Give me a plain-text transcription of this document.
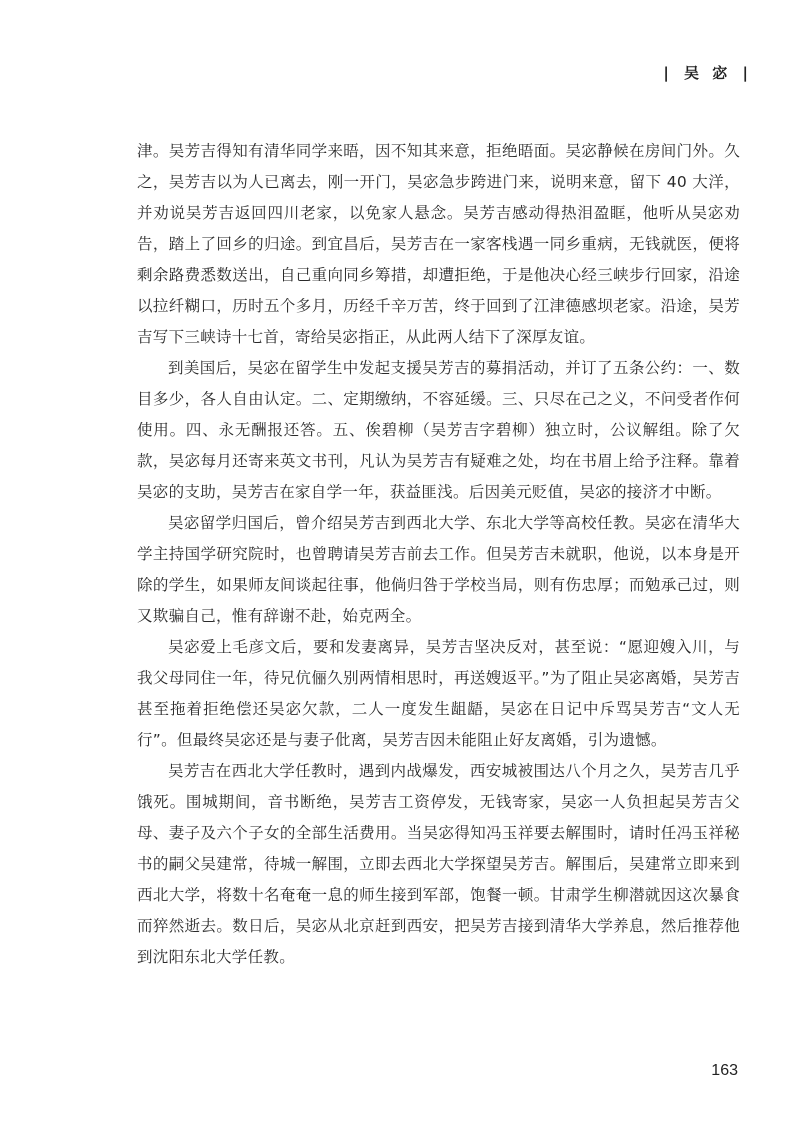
| 吴 宓 |

津。吴芳吉得知有清华同学来晤，因不知其来意，拒绝晤面。吴宓静候在房间门外。久之，吴芳吉以为人已离去，刚一开门，吴宓急步跨进门来，说明来意，留下 40 大洋，并劝说吴芳吉返回四川老家，以免家人悬念。吴芳吉感动得热泪盈眶，他听从吴宓劝告，踏上了回乡的归途。到宜昌后，吴芳吉在一家客栈遇一同乡重病，无钱就医，便将剩余路费悉数送出，自己重向同乡筹措，却遭拒绝，于是他决心经三峡步行回家，沿途以拉纤糊口，历时五个多月，历经千辛万苦，终于回到了江津德感坝老家。沿途，吴芳吉写下三峡诗十七首，寄给吴宓指正，从此两人结下了深厚友谊。

到美国后，吴宓在留学生中发起支援吴芳吉的募捐活动，并订了五条公约：一、数目多少，各人自由认定。二、定期缴纳，不容延缓。三、只尽在己之义，不问受者作何使用。四、永无酬报还答。五、俟碧柳（吴芳吉字碧柳）独立时，公议解组。除了欠款，吴宓每月还寄来英文书刊，凡认为吴芳吉有疑难之处，均在书眉上给予注释。靠着吴宓的支助，吴芳吉在家自学一年，获益匪浅。后因美元贬值，吴宓的接济才中断。

吴宓留学归国后，曾介绍吴芳吉到西北大学、东北大学等高校任教。吴宓在清华大学主持国学研究院时，也曾聘请吴芳吉前去工作。但吴芳吉未就职，他说，以本身是开除的学生，如果师友间谈起往事，他倘归咎于学校当局，则有伤忠厚；而勉承己过，则又欺骗自己，惟有辞谢不赴，始克两全。

吴宓爱上毛彦文后，要和发妻离异，吴芳吉坚决反对，甚至说：“愿迎嫂入川，与我父母同住一年，待兄伉俪久别两情相思时，再送嫂返平。”为了阻止吴宓离婚，吴芳吉甚至拖着拒绝偿还吴宓欠款，二人一度发生龃龉，吴宓在日记中斥骂吴芳吉“文人无行”。但最终吴宓还是与妻子仳离，吴芳吉因未能阻止好友离婚，引为遗憾。

吴芳吉在西北大学任教时，遇到内战爆发，西安城被围达八个月之久，吴芳吉几乎饿死。围城期间，音书断绝，吴芳吉工资停发，无钱寄家，吴宓一人负担起吴芳吉父母、妻子及六个子女的全部生活费用。当吴宓得知冯玉祥要去解围时，请时任冯玉祥秘书的嗣父吴建常，待城一解围，立即去西北大学探望吴芳吉。解围后，吴建常立即来到西北大学，将数十名奄奄一息的师生接到军部，饱餐一顿。甘肃学生柳潜就因这次暴食而猝然逝去。数日后，吴宓从北京赶到西安，把吴芳吉接到清华大学养息，然后推荐他到沈阳东北大学任教。

163
